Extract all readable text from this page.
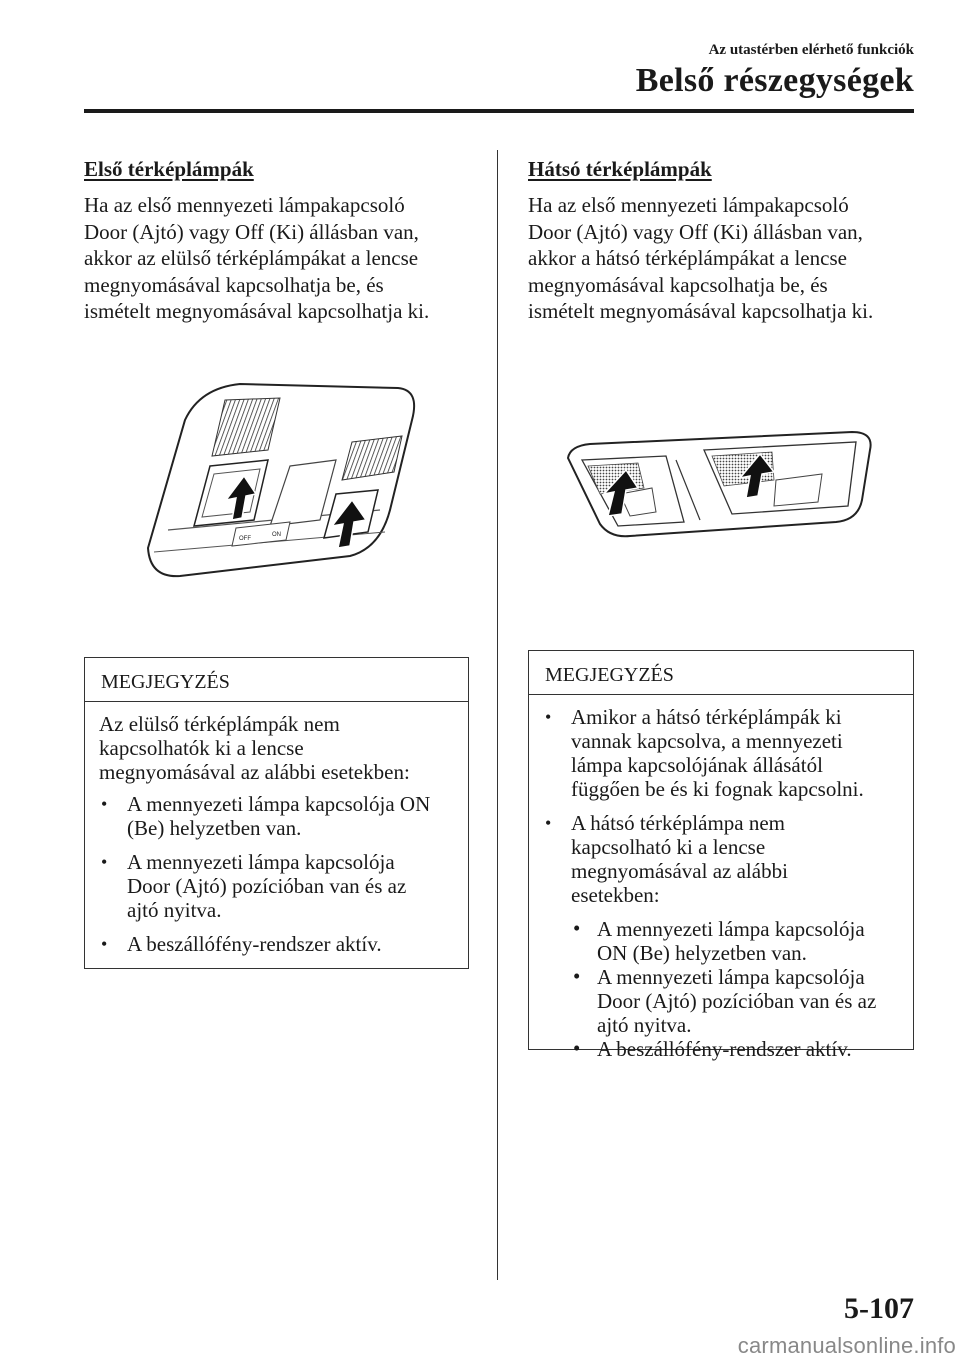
Az utastérben elérhető funkciók
Belső részegységek
Első térképlámpák

Ha az első mennyezeti lámpakapcsoló
Door (Ajtó) vagy Off (Ki) állásban van,
akkor az elülső térképlámpákat a lencse
megnyomásával kapcsolhatja be, és
ismételt megnyomásával kapcsolhatja ki.

Hátsó térképlámpák

Ha az első mennyezeti lámpakapcsoló
Door (Ajtó) vagy Off (Ki) állásban van,
akkor a hátsó térképlámpákat a lencse
megnyomásával kapcsolhatja be, és
ismételt megnyomásával kapcsolhatja ki.

OFF
ON
MEGJEGYZÉS

Az elülső térképlámpák nem
kapcsolhatók ki a lencse
megnyomásával az alábbi esetekben:

• A mennyezeti lámpa kapcsolója ON
(Be) helyzetben van.
• A mennyezeti lámpa kapcsolója
Door (Ajtó) pozícióban van és az
ajtó nyitva.
• A beszállófény-rendszer aktív.
MEGJEGYZÉS
• Amikor a hátsó térképlámpák ki
vannak kapcsolva, a mennyezeti
lámpa kapcsolójának állásától
függően be és ki fognak kapcsolni.
• A hátsó térképlámpa nem
kapcsolható ki a lencse
megnyomásával az alábbi
esetekben:
• A mennyezeti lámpa kapcsolója
ON (Be) helyzetben van.
• A mennyezeti lámpa kapcsolója
Door (Ajtó) pozícióban van és az
ajtó nyitva.
• A beszállófény-rendszer aktív.
5-107
carmanualsonline.info
